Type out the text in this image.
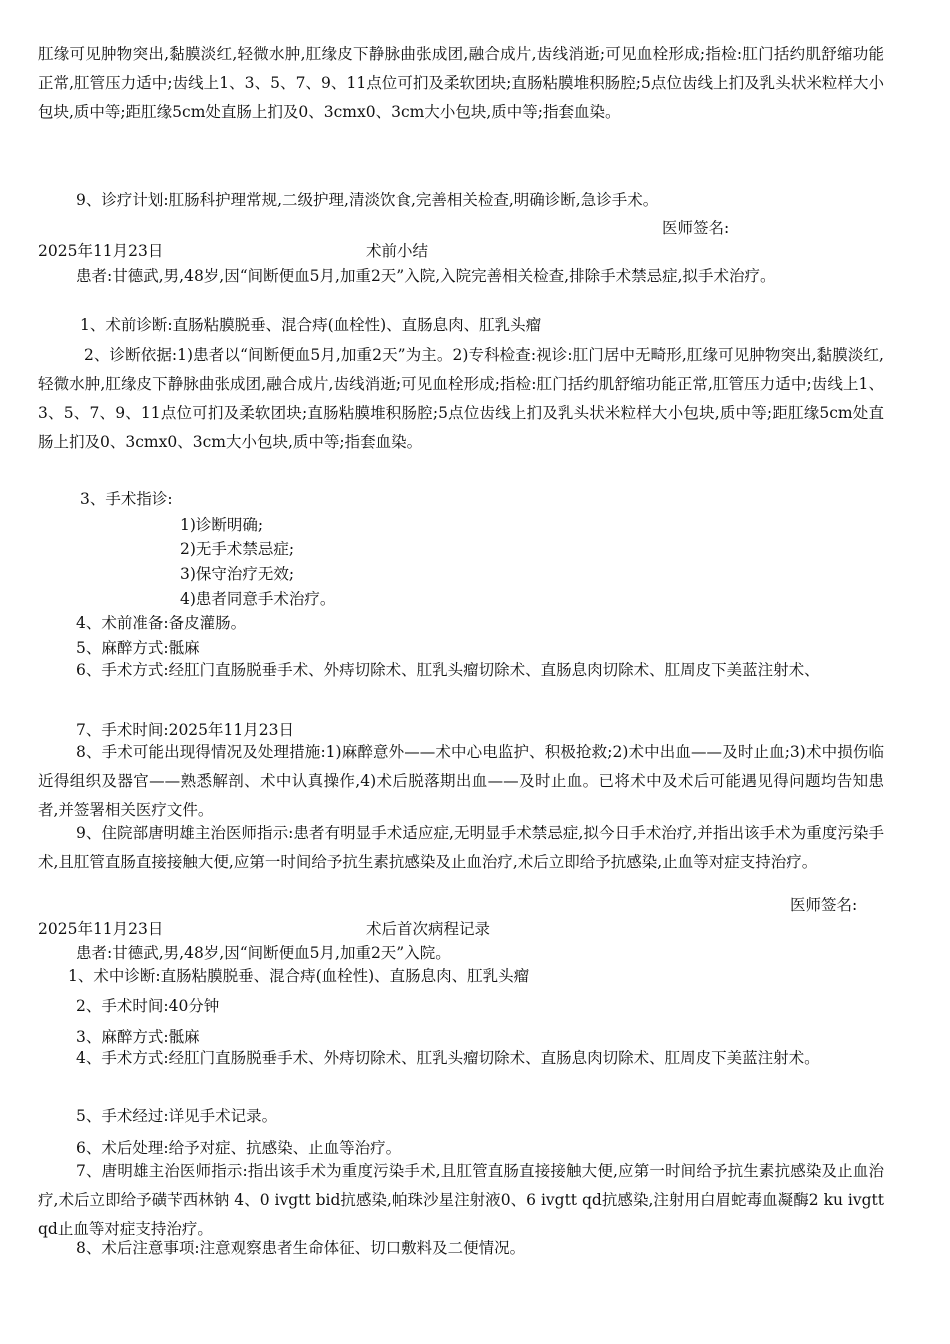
肛缘可见肿物突出,黏膜淡红,轻微水肿,肛缘皮下静脉曲张成团,融合成片,齿线消逝;可见血栓形成;指检:肛门括约肌舒缩功能正常,肛管压力适中;齿线上1、3、5、7、9、11点位可扪及柔软团块;直肠粘膜堆积肠腔;5点位齿线上扪及乳头状米粒样大小包块,质中等;距肛缘5cm处直肠上扪及0、3cmx0、3cm大小包块,质中等;指套血染。

9、诊疗计划:肛肠科护理常规,二级护理,清淡饮食,完善相关检查,明确诊断,急诊手术。

医师签名:
2025年11月23日	术前小结

患者:甘德武,男,48岁,因“间断便血5月,加重2天”入院,入院完善相关检查,排除手术禁忌症,拟手术治疗。

1、术前诊断:直肠粘膜脱垂、混合痔(血栓性)、直肠息肉、肛乳头瘤

2、诊断依据:1)患者以“间断便血5月,加重2天”为主。2)专科检查:视诊:肛门居中无畸形,肛缘可见肿物突出,黏膜淡红,轻微水肿,肛缘皮下静脉曲张成团,融合成片,齿线消逝;可见血栓形成;指检:肛门括约肌舒缩功能正常,肛管压力适中;齿线上1、3、5、7、9、11点位可扪及柔软团块;直肠粘膜堆积肠腔;5点位齿线上扪及乳头状米粒样大小包块,质中等;距肛缘5cm处直肠上扪及0、3cmx0、3cm大小包块,质中等;指套血染。

3、手术指诊:
1)诊断明确;
2)无手术禁忌症;
3)保守治疗无效;
4)患者同意手术治疗。
4、术前准备:备皮灌肠。
5、麻醉方式:骶麻

6、手术方式:经肛门直肠脱垂手术、外痔切除术、肛乳头瘤切除术、直肠息肉切除术、肛周皮下美蓝注射术、

7、手术时间:2025年11月23日

8、手术可能出现得情况及处理措施:1)麻醉意外——术中心电监护、积极抢救;2)术中出血——及时止血;3)术中损伤临近得组织及器官——熟悉解剖、术中认真操作,4)术后脱落期出血——及时止血。已将术中及术后可能遇见得问题均告知患者,并签署相关医疗文件。

9、住院部唐明雄主治医师指示:患者有明显手术适应症,无明显手术禁忌症,拟今日手术治疗,并指出该手术为重度污染手术,且肛管直肠直接接触大便,应第一时间给予抗生素抗感染及止血治疗,术后立即给予抗感染,止血等对症支持治疗。

医师签名:
2025年11月23日	术后首次病程记录
患者:甘德武,男,48岁,因“间断便血5月,加重2天”入院。
1、术中诊断:直肠粘膜脱垂、混合痔(血栓性)、直肠息肉、肛乳头瘤
2、手术时间:40分钟
3、麻醉方式:骶麻

4、手术方式:经肛门直肠脱垂手术、外痔切除术、肛乳头瘤切除术、直肠息肉切除术、肛周皮下美蓝注射术。

5、手术经过:详见手术记录。
6、术后处理:给予对症、抗感染、止血等治疗。

7、唐明雄主治医师指示:指出该手术为重度污染手术,且肛管直肠直接接触大便,应第一时间给予抗生素抗感染及止血治疗,术后立即给予磺苄西林钠 4、0 ivgtt bid抗感染,帕珠沙星注射液0、6 ivgtt qd抗感染,注射用白眉蛇毒血凝酶2 ku ivgtt qd止血等对症支持治疗。

8、术后注意事项:注意观察患者生命体征、切口敷料及二便情况。
